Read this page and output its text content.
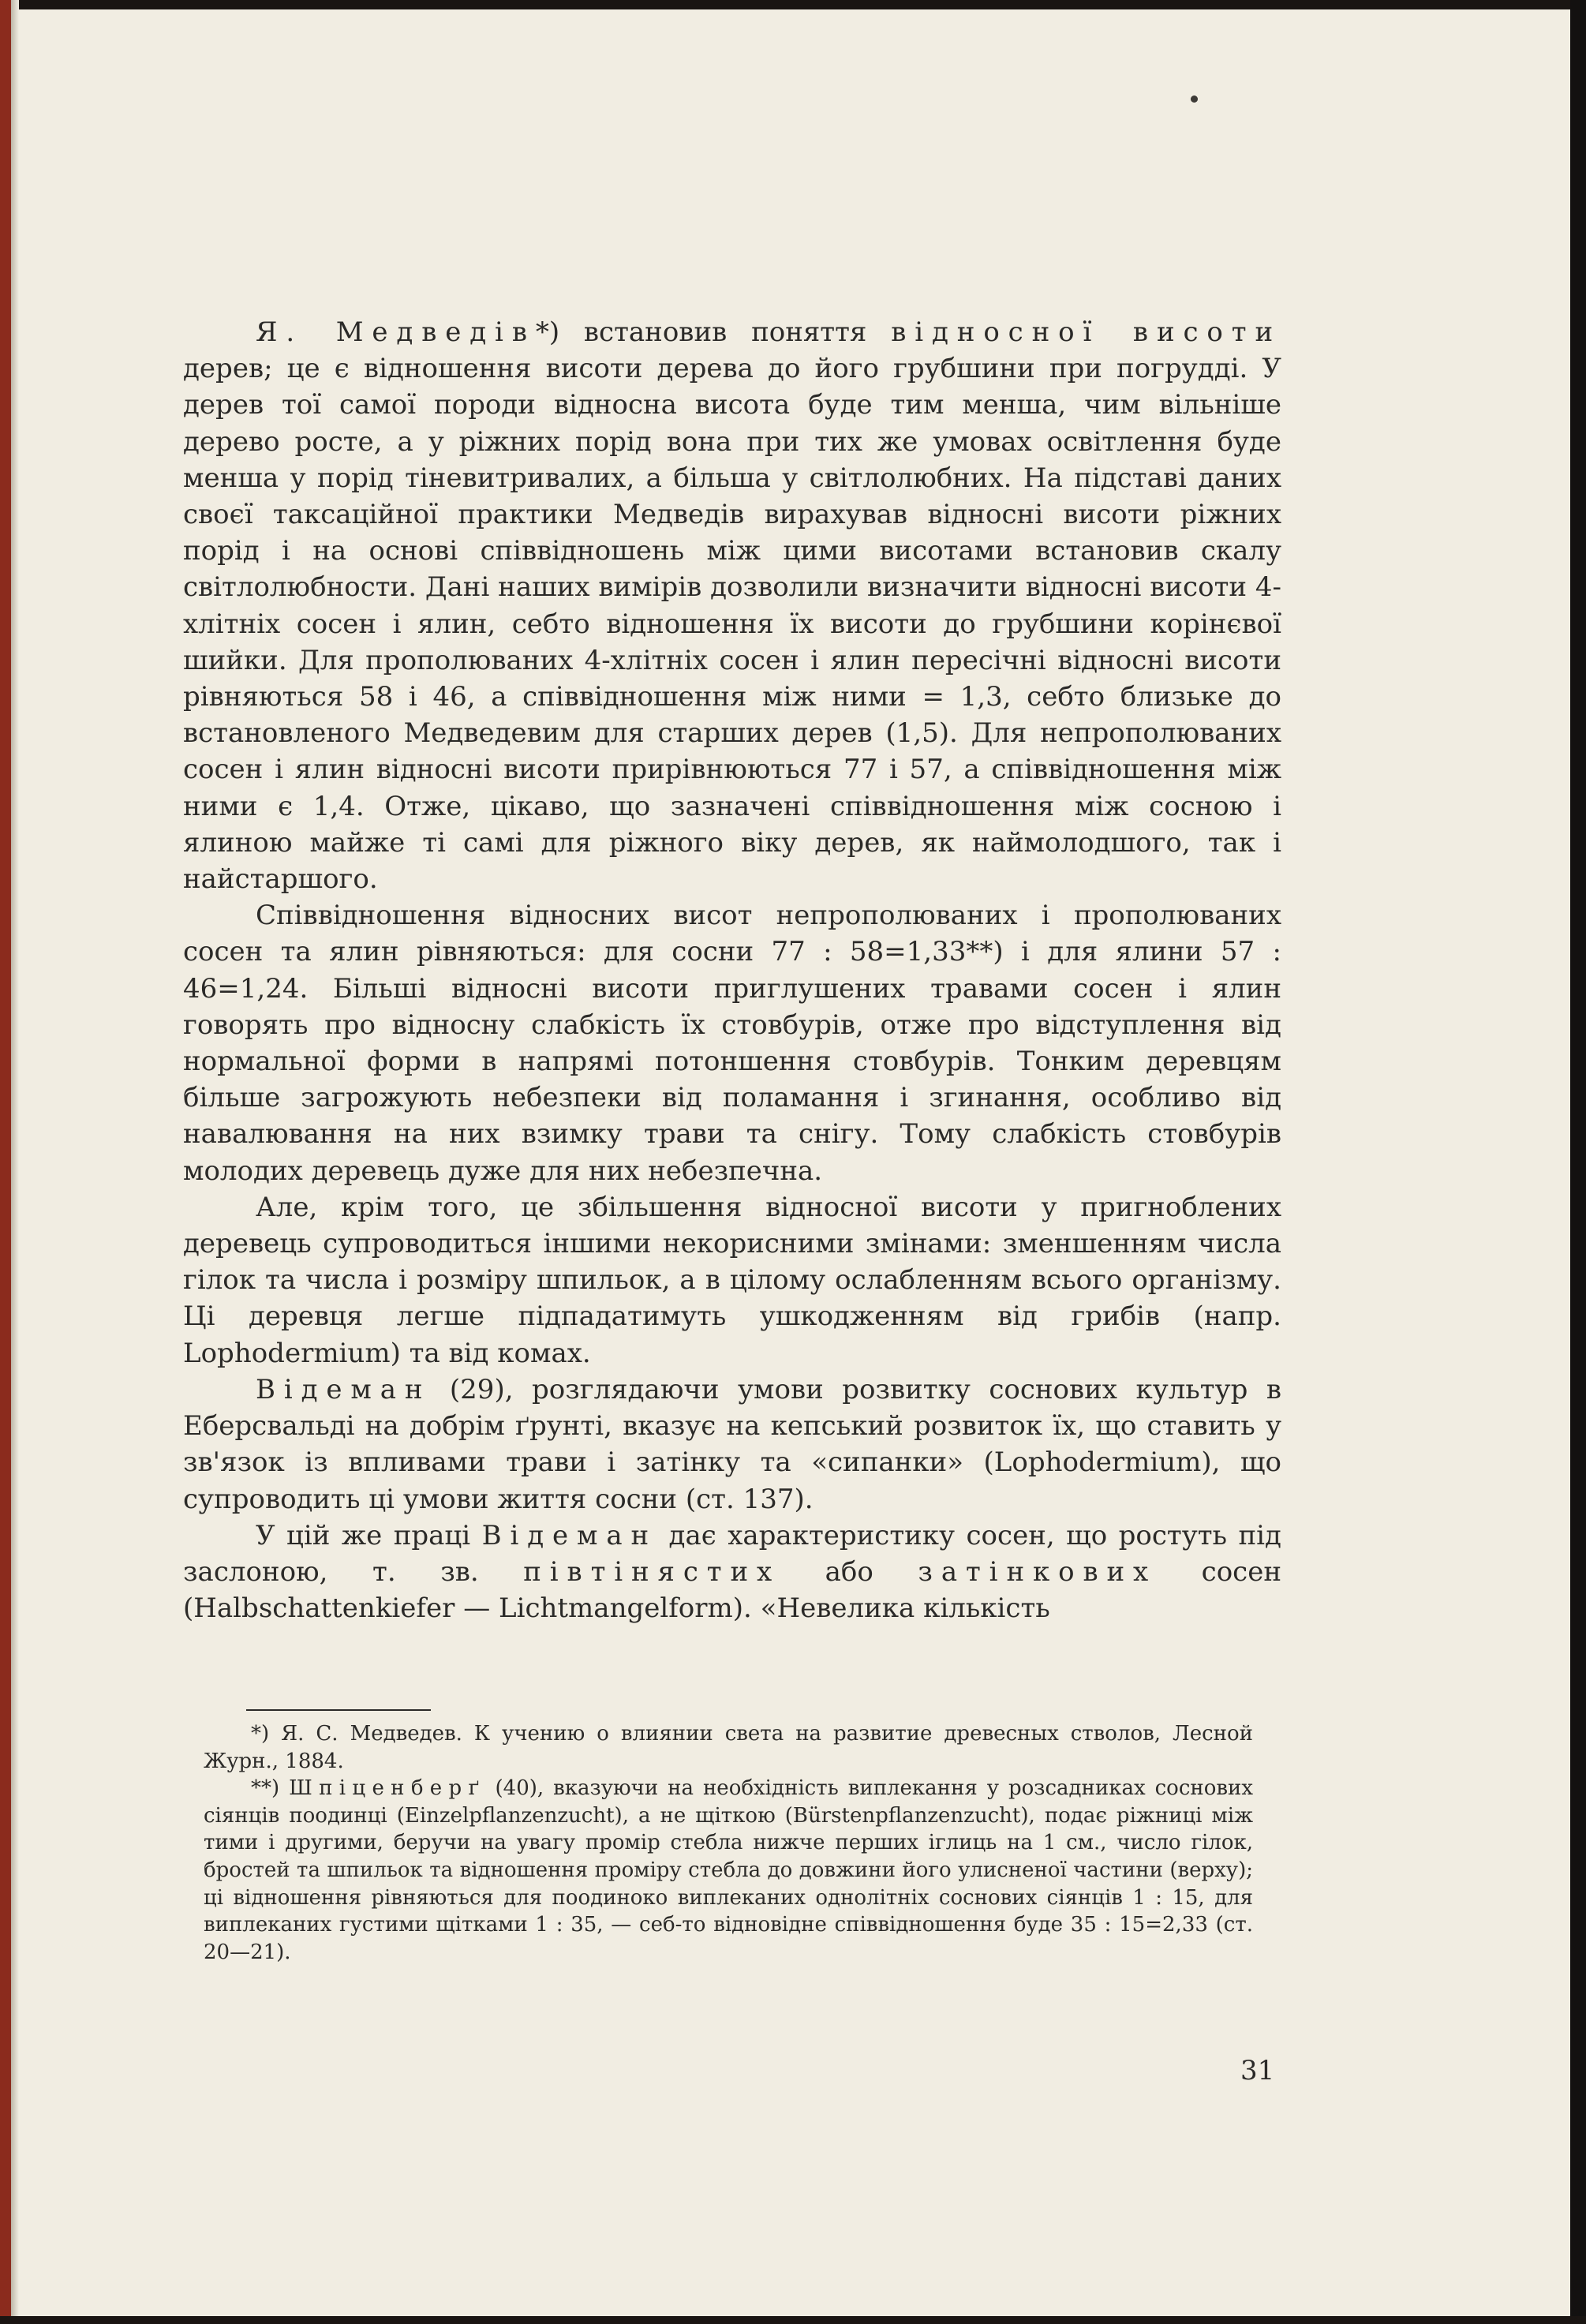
Я. Медведів*) встановив поняття відносної висоти дерев; це є відношення висоти дерева до його грубшини при погрудді. У дерев тої самої породи відносна висота буде тим менша, чим вільніше дерево росте, а у ріжних порід вона при тих же умовах освітлення буде менша у порід тіневитривалих, а більша у світлолюбних. На підставі даних своєї таксаційної практики Медведів вирахував відносні висоти ріжних порід і на основі співвідношень між цими висотами встановив скалу світлолюбности. Дані наших вимірів дозволили визначити відносні висоти 4-хлітніх сосен і ялин, себто відношення їх висоти до грубшини корінєвої шийки. Для прополюваних 4-хлітніх сосен і ялин пересічні відносні висоти рівняються 58 і 46, а співвідношення між ними = 1,3, себто близьке до встановленого Медведевим для старших дерев (1,5). Для непрополюваних сосен і ялин відносні висоти прирівнюються 77 і 57, а співвідношення між ними є 1,4. Отже, цікаво, що зазначені співвідношення між сосною і ялиною майже ті самі для ріжного віку дерев, як наймолодшого, так і найстаршого.

Співвідношення відносних висот непрополюваних і прополюваних сосен та ялин рівняються: для сосни 77 : 58=1,33**) і для ялини 57 : 46=1,24. Більші відносні висоти приглушених травами сосен і ялин говорять про відносну слабкість їх стовбурів, отже про відступлення від нормальної форми в напрямі потоншення стовбурів. Тонким деревцям більше загрожують небезпеки від поламання і згинання, особливо від навалювання на них взимку трави та снігу. Тому слабкість стовбурів молодих деревець дуже для них небезпечна.

Але, крім того, це збільшення відносної висоти у пригноблених деревець супроводиться іншими некорисними змінами: зменшенням числа гілок та числа і розміру шпильок, а в цілому ослабленням всього організму. Ці деревця легше підпадатимуть ушкодженням від грибів (напр. Lophodermium) та від комах.

Відеман (29), розглядаючи умови розвитку соснових культур в Еберсвальді на добрім ґрунті, вказує на кепський розвиток їх, що ставить у зв'язок із впливами трави і затінку та «сипанки» (Lophodermium), що супроводить ці умови життя сосни (ст. 137).

У цій же праці Відеман дає характеристику сосен, що ростуть під заслоною, т. зв. півтінястих або затінкових сосен (Halbschattenkiefer — Lichtmangelform). «Невелика кількість

*) Я. С. Медведев. К учению о влиянии света на развитие древесных стволов, Лесной Журн., 1884.

**) Шпіценберґ (40), вказуючи на необхідність виплекання у розсадниках соснових сіянців поодинці (Einzelpflanzenzucht), а не щіткою (Bürstenpflanzenzucht), подає ріжниці між тими і другими, беручи на увагу промір стебла нижче перших іглиць на 1 см., число гілок, бростей та шпильок та відношення проміру стебла до довжини його улисненої частини (верху); ці відношення рівняються для поодиноко виплеканих однолітніх соснових сіянців 1 : 15, для виплеканих густими щітками 1 : 35, — себ-то відновідне співвідношення буде 35 : 15=2,33 (ст. 20—21).

31
